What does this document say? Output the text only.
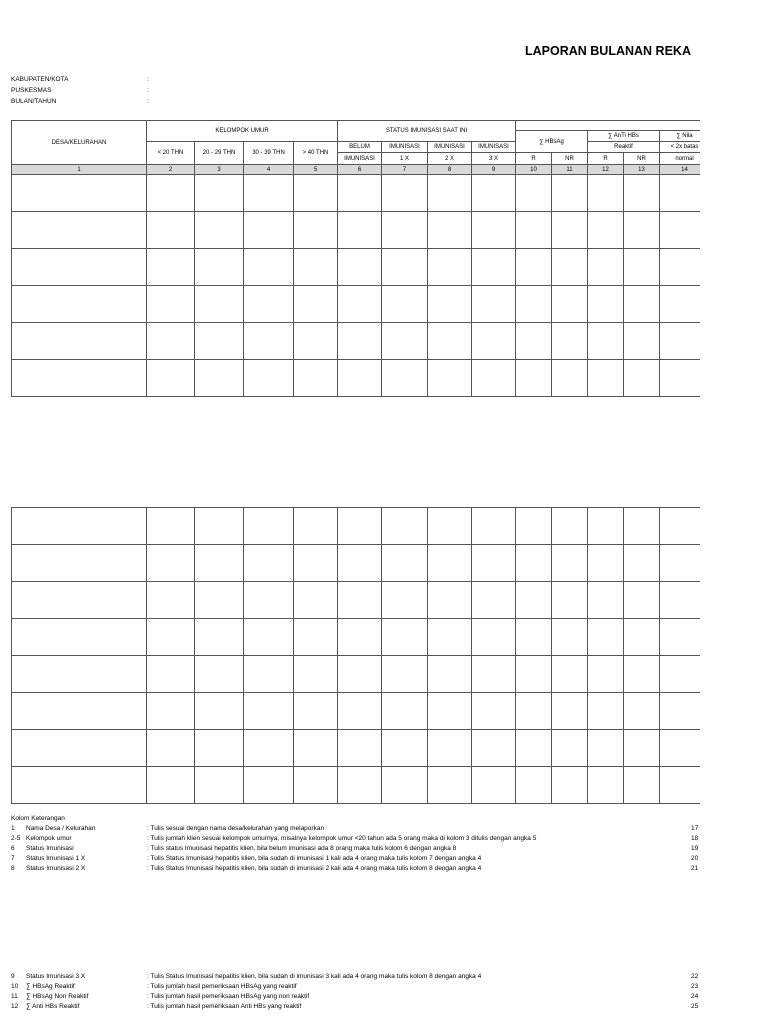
LAPORAN BULANAN REKA
KABUPATEN/KOTA	:
PUSKESMAS	:
BULAN/TAHUN	:
DESA/KELURAHAN	KELOMPOK UMUR				STATUS IMUNISASI SAAT INI								
									∑ HBsAg		∑ AnTi HBs		∑ Nila
	< 20 THN	20 - 29 THN	30 - 39 THN	> 40 THN	BELUM	IMUNISASI	IMUNISASI	IMUNISASI			Reaktif		< 2x batas
					IMUNISASI	1 X	2 X	3 X	R	NR	R	NR	normal
1	2	3	4	5	6	7	8	9	10	11	12	13	14

Kolom Keterangan
1 Nama Desa / Kelurahan	: Tulis sesuai dengan nama desa/kelurahan yang melaporkan	17
2-5 Kelompok umur	: Tulis jumlah klien sesuai kelompok umurnya, misalnya kelompok umur <20 tahun ada 5 orang maka di kolom 3 ditulis dengan angka 5	18
6 Status Imunisasi	: Tulis status Imunisasi hepatitis klien, bila belum imunisasi ada 8 orang maka tulis kolom 6 dengan angka 8	19
7 Status Imunisasi 1 X	: Tulis Status Imunisasi hepatitis klien, bila sudah di imunisasi 1 kali ada 4 orang maka tulis kolom 7 dengan angka 4	20
8 Status Imunisasi 2 X	: Tulis Status Imunisasi hepatitis klien, bila sudah di imunisasi 2 kali ada 4 orang maka tulis kolom 8 dengan angka 4	21
9 Status Imunisasi 3 X	: Tulis Status Imunisasi hepatitis klien, bila sudah di imunisasi 3 kali ada 4 orang maka tulis kolom 8 dengan angka 4	22
10 ∑ HBsAg Reaktif	: Tulis jumlah hasil pemeriksaan HBsAg yang reaktif	23
11 ∑ HBsAg Non Reaktif	: Tulis jumlah hasil pemeriksaan HBsAg yang non reaktif	24
12 ∑ Anti HBs Reaktif	: Tulis jumlah hasil pemeriksaan Anti HBs yang reaktif	25
